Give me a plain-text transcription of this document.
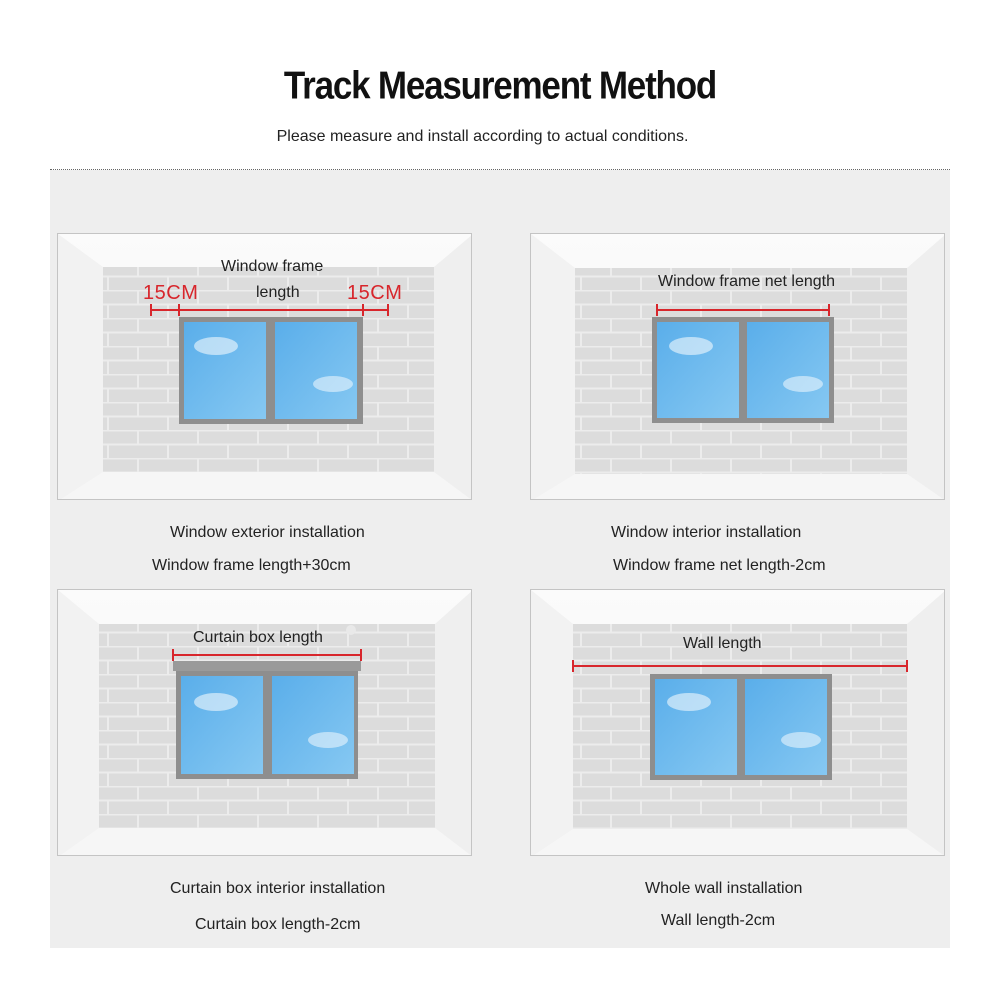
Track Measurement Method
Please measure and install according to actual conditions.
Window frame
length
15CM	15CM
Window exterior installation
Window frame length+30cm
Window frame net length
Window interior installation
Window frame net length-2cm
Curtain box length
Curtain box interior installation
Curtain box length-2cm
Wall length
Whole wall installation
Wall length-2cm
